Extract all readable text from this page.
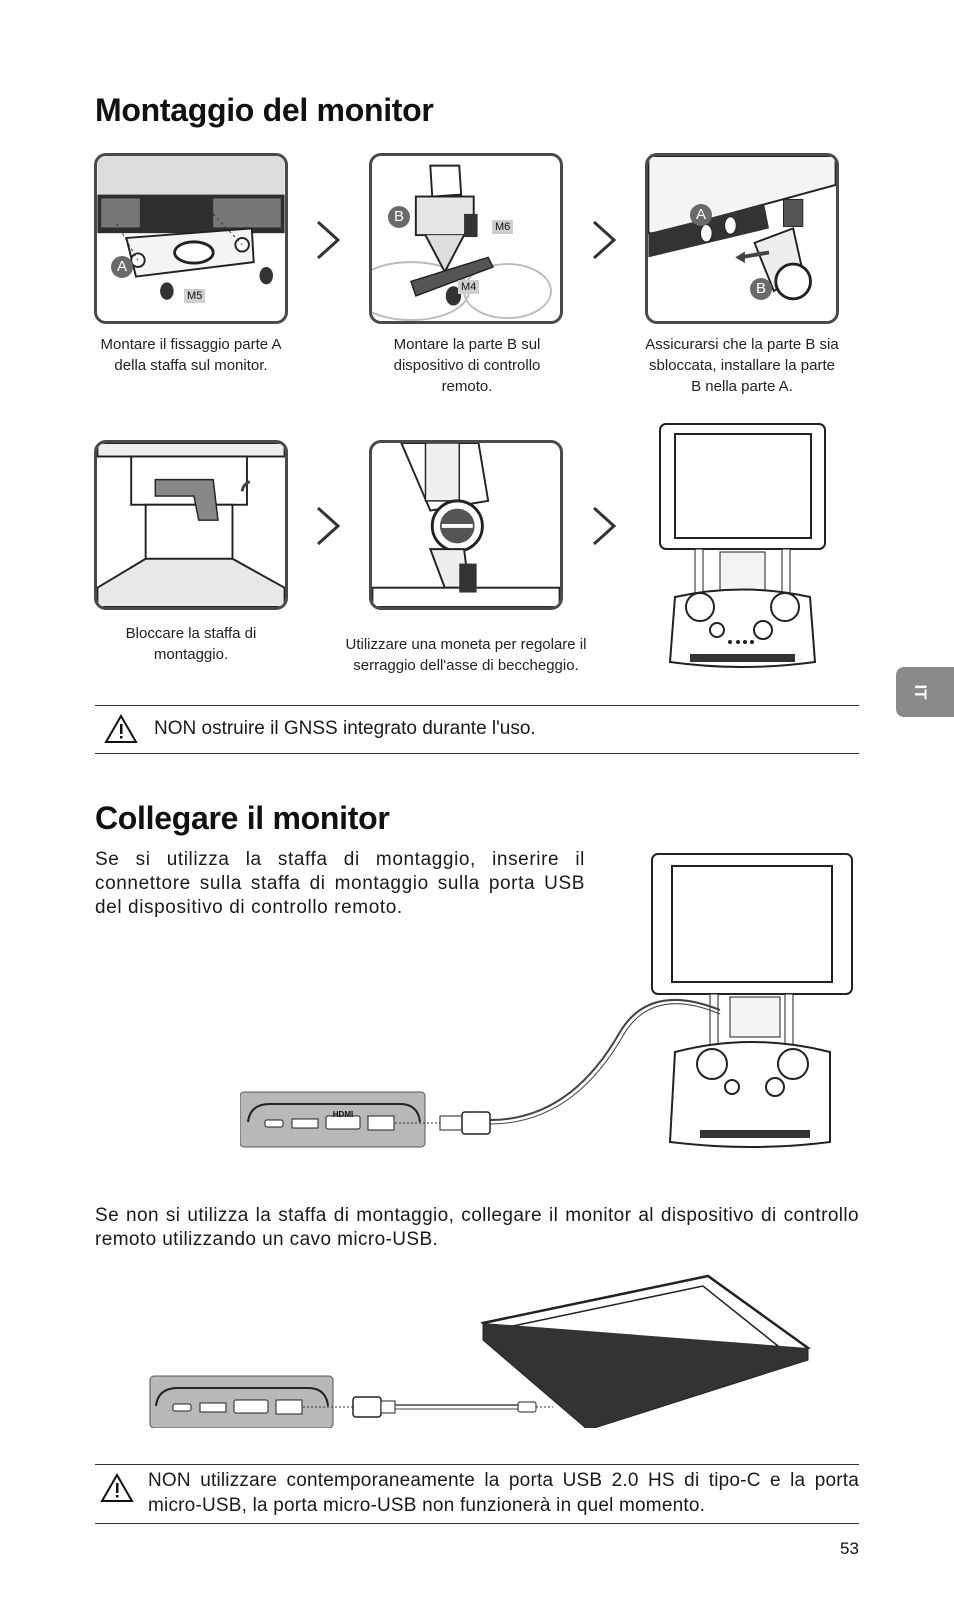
Montaggio del monitor
A
M5
Montare il fissaggio parte A della staffa sul monitor.
B
M6
M4
Montare la parte B sul dispositivo di controllo remoto.
A
B
Assicurarsi che la parte B sia sbloccata, installare la parte B nella parte A.
Bloccare la staffa di montaggio.
Utilizzare una moneta per regolare il serraggio dell'asse di beccheggio.
NON ostruire il GNSS integrato durante l'uso.
Collegare il monitor
Se si utilizza la staffa di montaggio, inserire il connettore sulla staffa di montaggio sulla porta USB del dispositivo di controllo remoto.
HDMI
Se non si utilizza la staffa di montaggio, collegare il monitor al dispositivo di controllo remoto utilizzando un cavo micro-USB.
NON utilizzare contemporaneamente la porta USB 2.0 HS di tipo-C e la porta micro-USB, la porta micro-USB non funzionerà in quel momento.
IT
53
